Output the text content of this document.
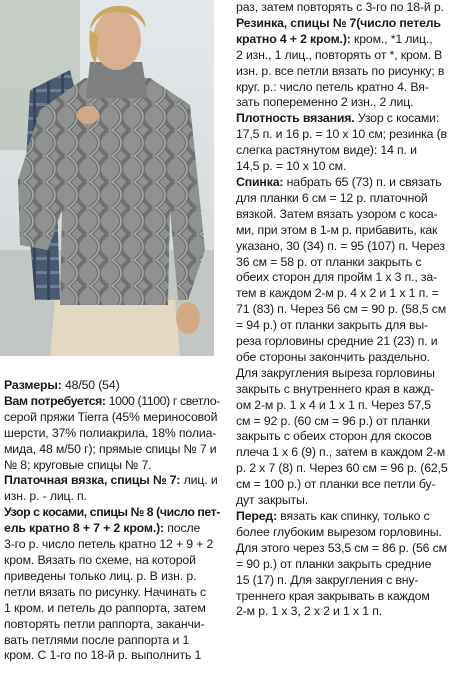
Размеры: 48/50 (54)
Вам потребуется: 1000 (1100) г светло-
серой пряжи Tierra (45% мериносовой
шерсти, 37% полиакрила, 18% полиа-
мида, 48 м/50 г); прямые спицы № 7 и
№ 8; круговые спицы № 7.
Платочная вязка, спицы № 7: лиц. и
изн. р. - лиц. п.
Узор с косами, спицы № 8 (число пет-
ель кратно 8 + 7 + 2 кром.): после
3-го р. число петель кратно 12 + 9 + 2
кром. Вязать по схеме, на которой
приведены только лиц. р. В изн. р.
петли вязать по рисунку. Начинать с
1 кром. и петель до раппорта, затем
повторять петли раппорта, заканчи-
вать петлями после раппорта и 1
кром. С 1-го по 18-й р. выполнить 1
раз, затем повторять с 3-го по 18-й р.
Резинка, спицы № 7(число петель
кратно 4 + 2 кром.): кром., *1 лиц.,
2 изн., 1 лиц., повторять от *, кром. В
изн. р. все петли вязать по рисунку; в
круг. р.: число петель кратно 4. Вя-
зать попеременно 2 изн., 2 лиц.
Плотность вязания. Узор с косами:
17,5 п. и 16 р. = 10 х 10 см; резинка (в
слегка растянутом виде): 14 п. и
14,5 р. = 10 х 10 см.
Спинка: набрать 65 (73) п. и связать
для планки 6 см = 12 р. платочной
вязкой. Затем вязать узором с коса-
ми, при этом в 1-м р. прибавить, как
указано, 30 (34) п. = 95 (107) п. Через
36 см = 58 р. от планки закрыть с
обеих сторон для пройм 1 х 3 п., за-
тем в каждом 2-м р. 4 х 2 и 1 х 1 п. =
71 (83) п. Через 56 см = 90 р. (58,5 см
= 94 р.) от планки закрыть для вы-
реза горловины средние 21 (23) п. и
обе стороны закончить раздельно.
Для закругления выреза горловины
закрыть с внутреннего края в кажд-
ом 2-м р. 1 х 4 и 1 х 1 п. Через 57,5
см = 92 р. (60 см = 96 р.) от планки
закрыть с обеих сторон для скосов
плеча 1 х 6 (9) п., затем в каждом 2-м
р. 2 х 7 (8) п. Через 60 см = 96 р. (62,5
см = 100 р.) от планки все петли бу-
дут закрыты.
Перед: вязать как спинку, только с
более глубоким вырезом горловины.
Для этого через 53,5 см = 86 р. (56 см
= 90 р.) от планки закрыть средние
15 (17) п. Для закругления с вну-
треннего края закрывать в каждом
2-м р. 1 х 3, 2 х 2 и 1 х 1 п.
